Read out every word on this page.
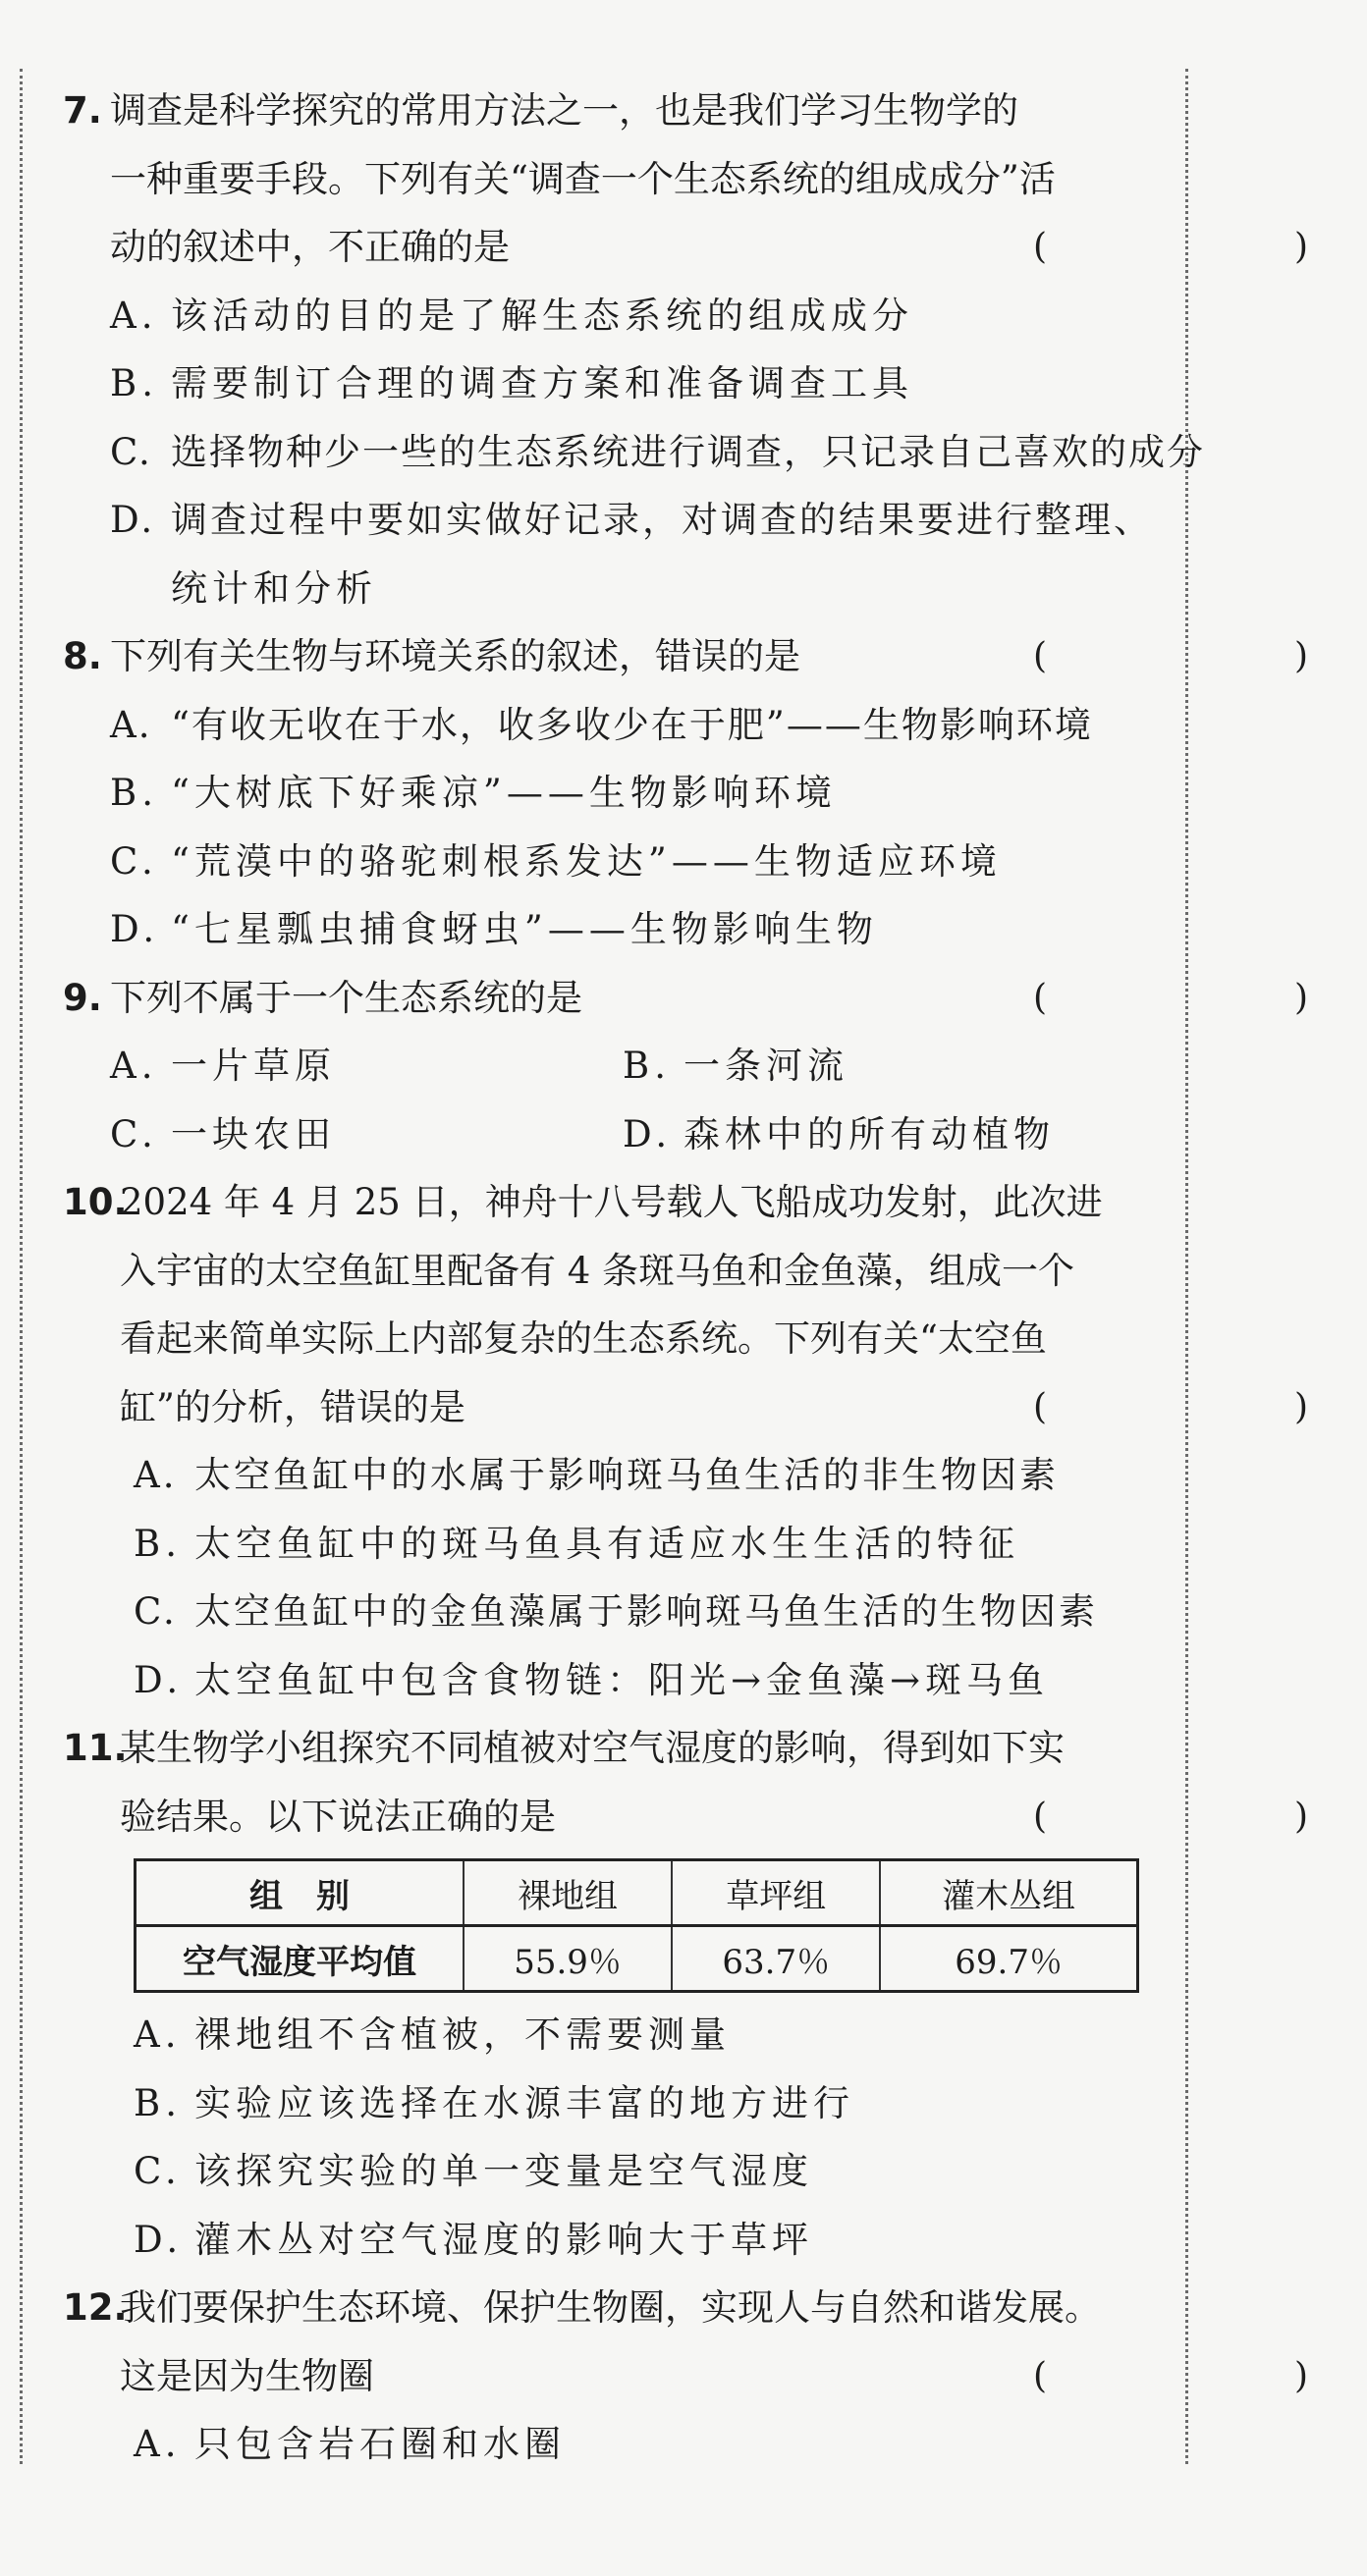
7. 调查是科学探究的常用方法之一，也是我们学习生物学的
一种重要手段。下列有关“调查一个生态系统的组成成分”活
动的叙述中，不正确的是	(　　)
A. 该活动的目的是了解生态系统的组成成分
B. 需要制订合理的调查方案和准备调查工具
C. 选择物种少一些的生态系统进行调查，只记录自己喜欢的成分
D. 调查过程中要如实做好记录，对调查的结果要进行整理、
统计和分析
8. 下列有关生物与环境关系的叙述，错误的是	(　　)
A. “有收无收在于水，收多收少在于肥”——生物影响环境
B. “大树底下好乘凉”——生物影响环境
C. “荒漠中的骆驼刺根系发达”——生物适应环境
D. “七星瓢虫捕食蚜虫”——生物影响生物
9. 下列不属于一个生态系统的是	(　　)
A. 一片草原	B. 一条河流
C. 一块农田	D. 森林中的所有动植物
10.2024 年 4 月 25 日，神舟十八号载人飞船成功发射，此次进
入宇宙的太空鱼缸里配备有 4 条斑马鱼和金鱼藻，组成一个
看起来简单实际上内部复杂的生态系统。下列有关“太空鱼
缸”的分析，错误的是	(　　)
A. 太空鱼缸中的水属于影响斑马鱼生活的非生物因素
B. 太空鱼缸中的斑马鱼具有适应水生生活的特征
C. 太空鱼缸中的金鱼藻属于影响斑马鱼生活的生物因素
D. 太空鱼缸中包含食物链：阳光→金鱼藻→斑马鱼
11.某生物学小组探究不同植被对空气湿度的影响，得到如下实
验结果。以下说法正确的是	(　　)
组　别	裸地组	草坪组	灌木丛组
空气湿度平均值	55.9％	63.7％	69.7％
A. 裸地组不含植被，不需要测量
B. 实验应该选择在水源丰富的地方进行
C. 该探究实验的单一变量是空气湿度
D. 灌木丛对空气湿度的影响大于草坪
12.我们要保护生态环境、保护生物圈，实现人与自然和谐发展。
这是因为生物圈	(　　)
A. 只包含岩石圈和水圈
